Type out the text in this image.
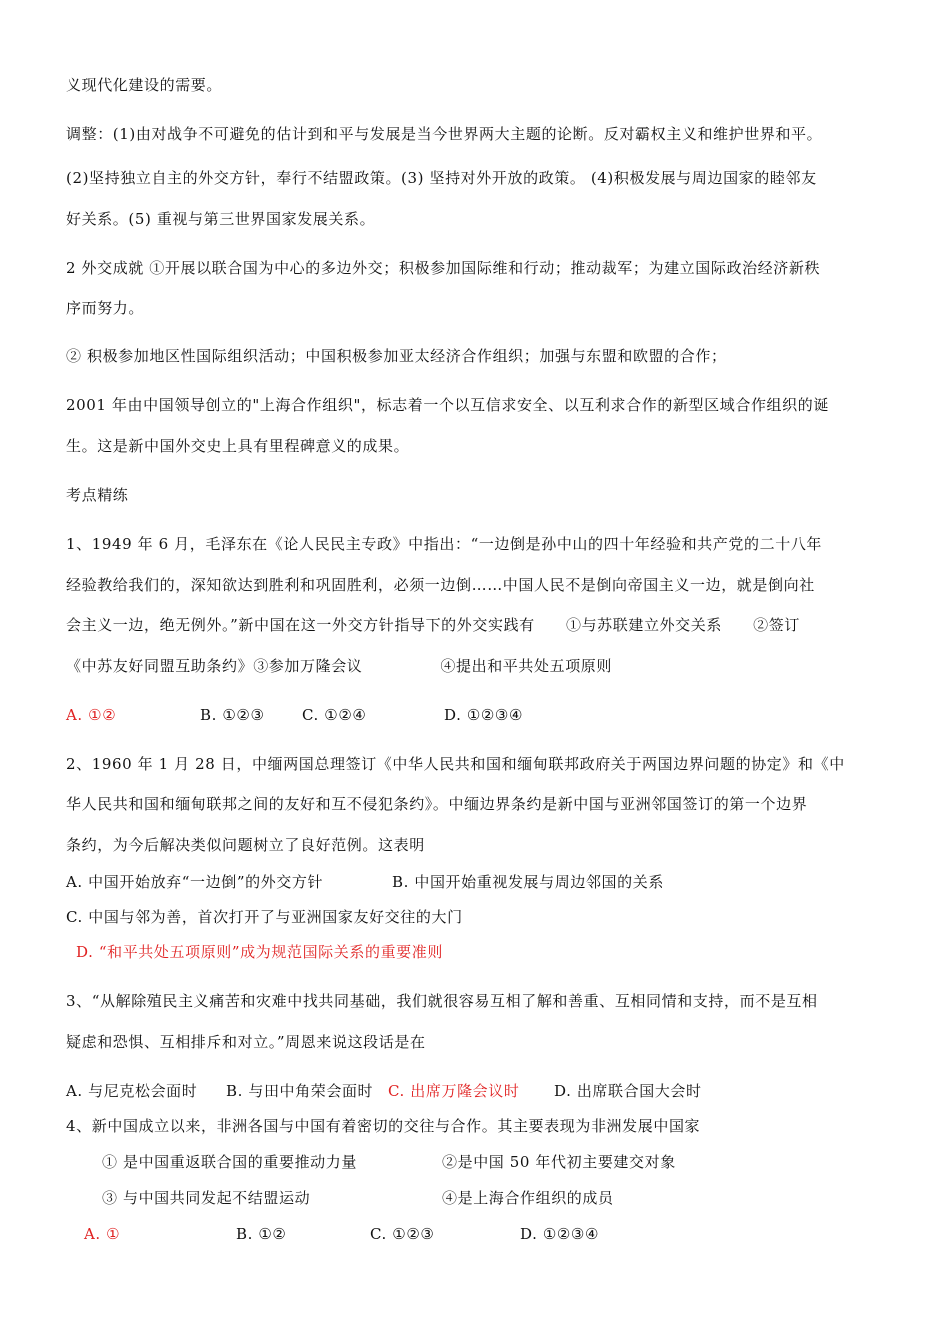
义现代化建设的需要。
调整：(1)由对战争不可避免的估计到和平与发展是当今世界两大主题的论断。反对霸权主义和维护世界和平。
(2)坚持独立自主的外交方针，奉行不结盟政策。(3) 坚持对外开放的政策。 (4)积极发展与周边国家的睦邻友
好关系。(5) 重视与第三世界国家发展关系。
2 外交成就 ①开展以联合国为中心的多边外交；积极参加国际维和行动；推动裁军；为建立国际政治经济新秩
序而努力。
② 积极参加地区性国际组织活动；中国积极参加亚太经济合作组织；加强与东盟和欧盟的合作；
2001 年由中国领导创立的"上海合作组织"，标志着一个以互信求安全、以互利求合作的新型区域合作组织的诞
生。这是新中国外交史上具有里程碑意义的成果。
考点精练
1、1949 年 6 月，毛泽东在《论人民民主专政》中指出：“一边倒是孙中山的四十年经验和共产党的二十八年
经验教给我们的，深知欲达到胜利和巩固胜利，必须一边倒……中国人民不是倒向帝国主义一边，就是倒向社
会主义一边，绝无例外。”新中国在这一外交方针指导下的外交实践有　　①与苏联建立外交关系　　②签订
《中苏友好同盟互助条约》③参加万隆会议　　　　　④提出和平共处五项原则
A. ①②	B. ①②③ C. ①②④	D. ①②③④
2、1960 年 1 月 28 日，中缅两国总理签订《中华人民共和国和缅甸联邦政府关于两国边界问题的协定》和《中
华人民共和国和缅甸联邦之间的友好和互不侵犯条约》。中缅边界条约是新中国与亚洲邻国签订的第一个边界
条约，为今后解决类似问题树立了良好范例。这表明
A. 中国开始放弃“一边倒”的外交方针	B. 中国开始重视发展与周边邻国的关系
C. 中国与邻为善，首次打开了与亚洲国家友好交往的大门
D. “和平共处五项原则”成为规范国际关系的重要准则
3、“从解除殖民主义痛苦和灾难中找共同基础，我们就很容易互相了解和善重、互相同情和支持，而不是互相
疑虑和恐惧、互相排斥和对立。”周恩来说这段话是在
A. 与尼克松会面时 B. 与田中角荣会面时 C. 出席万隆会议时 D. 出席联合国大会时
4、新中国成立以来，非洲各国与中国有着密切的交往与合作。其主要表现为非洲发展中国家
① 是中国重返联合国的重要推动力量	②是中国 50 年代初主要建交对象
③ 与中国共同发起不结盟运动	④是上海合作组织的成员
A. ①	B. ①②	C. ①②③	D. ①②③④
